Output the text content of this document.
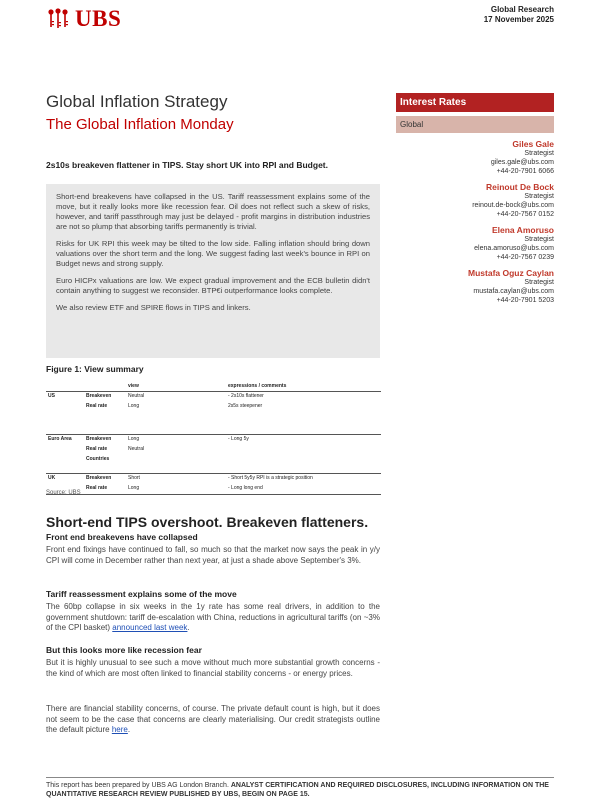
UBS	Global Research
17 November 2025
Global Inflation Strategy
The Global Inflation Monday
Interest Rates
Global
Giles Gale
Strategist
giles.gale@ubs.com
+44-20-7901 6066
Reinout De Bock
Strategist
reinout.de-bock@ubs.com
+44-20-7567 0152
Elena Amoruso
Strategist
elena.amoruso@ubs.com
+44-20-7567 0239
Mustafa Oguz Caylan
Strategist
mustafa.caylan@ubs.com
+44-20-7901 5203
2s10s breakeven flattener in TIPS. Stay short UK into RPI and Budget.

Short-end breakevens have collapsed in the US. Tariff reassessment explains some of the move, but it really looks more like recession fear. Oil does not reflect such a skew of risks, however, and tariff passthrough may just be delayed - profit margins in distribution industries are not so plump that absorbing tariffs permanently is trivial.

Risks for UK RPI this week may be tilted to the low side. Falling inflation should bring down valuations over the short term and the long. We suggest fading last week's bounce in RPI on Budget news and strong supply.

Euro HICPx valuations are low. We expect gradual improvement and the ECB bulletin didn't contain anything to suggest we reconsider. BTP€i outperformance looks complete.

We also review ETF and SPIRE flows in TIPS and linkers.

Figure 1: View summary
		view	expressions / comments
US	Breakeven	Neutral	- 2s10s flattener
	Real rate	Long	2s5s steepener

Euro Area	Breakeven	Long	- Long 5y
	Real rate	Neutral	
	Countries		

UK	Breakeven	Short	- Short 5y5y RPI is a strategic position
	Real rate	Long	- Long long end
Source: UBS
Short-end TIPS overshoot. Breakeven flatteners.
Front end breakevens have collapsed
Front end fixings have continued to fall, so much so that the market now says the peak in y/y CPI will come in December rather than next year, at just a shade above September's 3%.
Tariff reassessment explains some of the move
The 60bp collapse in six weeks in the 1y rate has some real drivers, in addition to the government shutdown: tariff de-escalation with China, reductions in agricultural tariffs (on ~3% of the CPI basket) announced last week.
But this looks more like recession fear
But it is highly unusual to see such a move without much more substantial growth concerns - the kind of which are most often linked to financial stability concerns - or energy prices.
There are financial stability concerns, of course. The private default count is high, but it does not seem to be the case that concerns are clearly materialising. Our credit strategists outline the default picture here.
This report has been prepared by UBS AG London Branch. ANALYST CERTIFICATION AND REQUIRED DISCLOSURES, INCLUDING INFORMATION ON THE QUANTITATIVE RESEARCH REVIEW PUBLISHED BY UBS, BEGIN ON PAGE 15.
